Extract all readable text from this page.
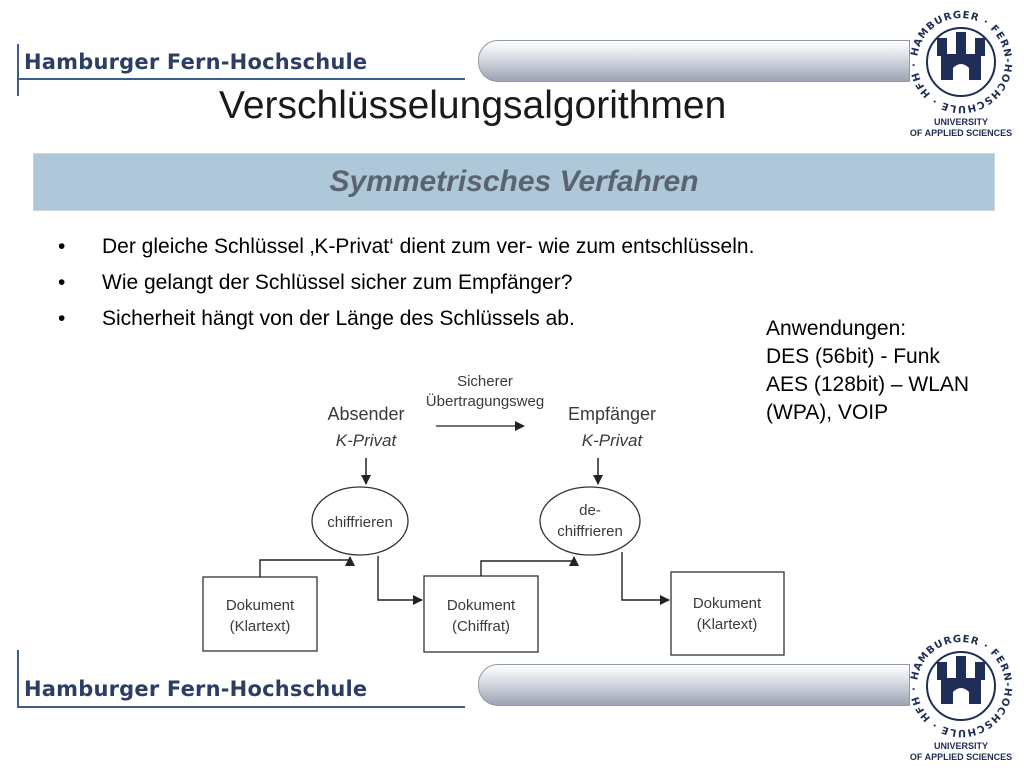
Hamburger Fern-Hochschule	HAMBURGER · FERN-HOCHSCHULE · HFH ·
UNIVERSITY
OF APPLIED SCIENCES
Verschlüsselungsalgorithmen
Symmetrisches Verfahren
• Der gleiche Schlüssel ‚K-Privat‘ dient zum ver- wie zum entschlüsseln.
• Wie gelangt der Schlüssel sicher zum Empfänger?
• Sicherheit hängt von der Länge des Schlüssels ab.	Anwendungen:
DES (56bit) - Funk
AES (128bit) – WLAN
(WPA), VOIP
Sicherer
Übertragungsweg
Absender
K-Privat
Empfänger
K-Privat
chiffrieren
de-
chiffrieren
Dokument
(Klartext)
Dokument
(Chiffrat)
Dokument
(Klartext)
Hamburger Fern-Hochschule
HAMBURGER · FERN-HOCHSCHULE · HFH ·
UNIVERSITY
OF APPLIED SCIENCES
